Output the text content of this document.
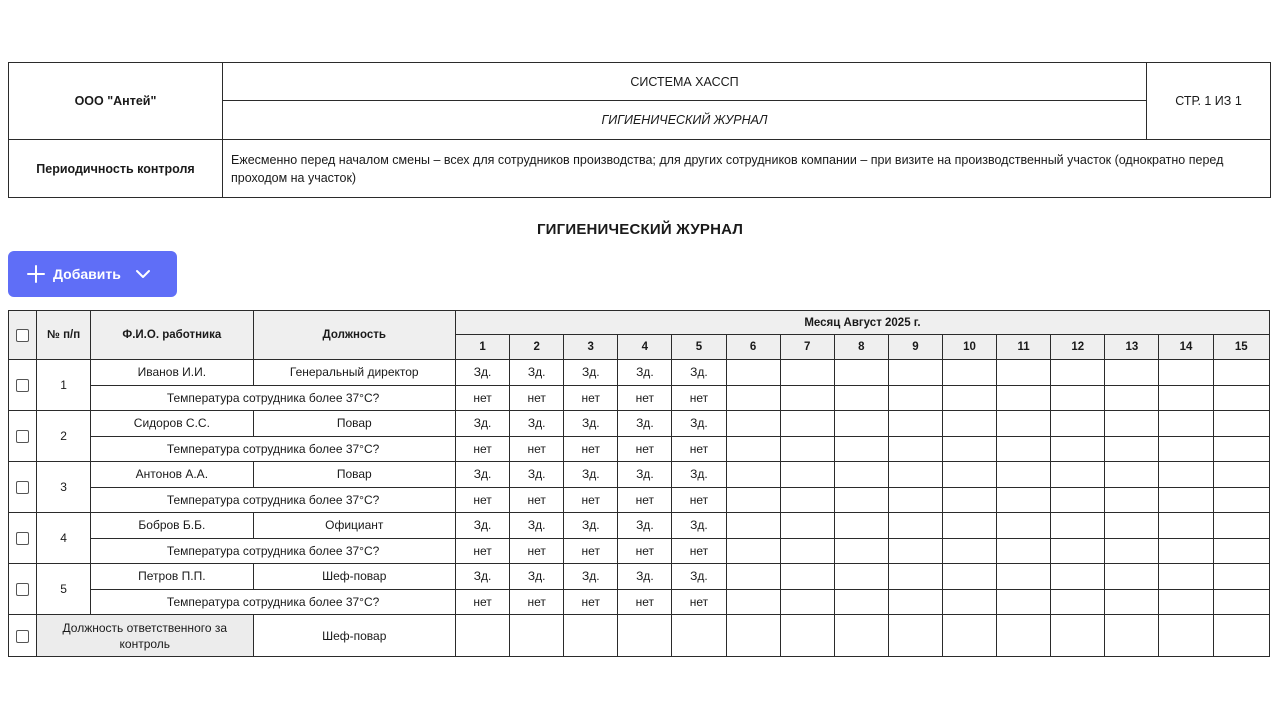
ООО "Антей"	СИСТЕМА ХАССП	СТР. 1 ИЗ 1
	ГИГИЕНИЧЕСКИЙ ЖУРНАЛ	
Периодичность контроля	Ежесменно перед началом смены – всех для сотрудников производства; для других сотрудников компании – при визите на производственный участок (однократно перед проходом на участок)	
ГИГИЕНИЧЕСКИЙ ЖУРНАЛ
Добавить
	№ п/п	Ф.И.О. работника	Должность	Месяц Август 2025 г.														
				1	2	3	4	5	6	7	8	9	10	11	12	13	14	15
	1	Иванов И.И.	Генеральный директор	Зд.	Зд.	Зд.	Зд.	Зд.										
		Температура сотрудника более 37°С?		нет	нет	нет	нет	нет										
	2	Сидоров С.С.	Повар	Зд.	Зд.	Зд.	Зд.	Зд.										
		Температура сотрудника более 37°С?		нет	нет	нет	нет	нет										
	3	Антонов А.А.	Повар	Зд.	Зд.	Зд.	Зд.	Зд.										
		Температура сотрудника более 37°С?		нет	нет	нет	нет	нет										
	4	Бобров Б.Б.	Официант	Зд.	Зд.	Зд.	Зд.	Зд.										
		Температура сотрудника более 37°С?		нет	нет	нет	нет	нет										
	5	Петров П.П.	Шеф-повар	Зд.	Зд.	Зд.	Зд.	Зд.										
		Температура сотрудника более 37°С?		нет	нет	нет	нет	нет										
	Должность ответственного за контроль		Шеф-повар															
